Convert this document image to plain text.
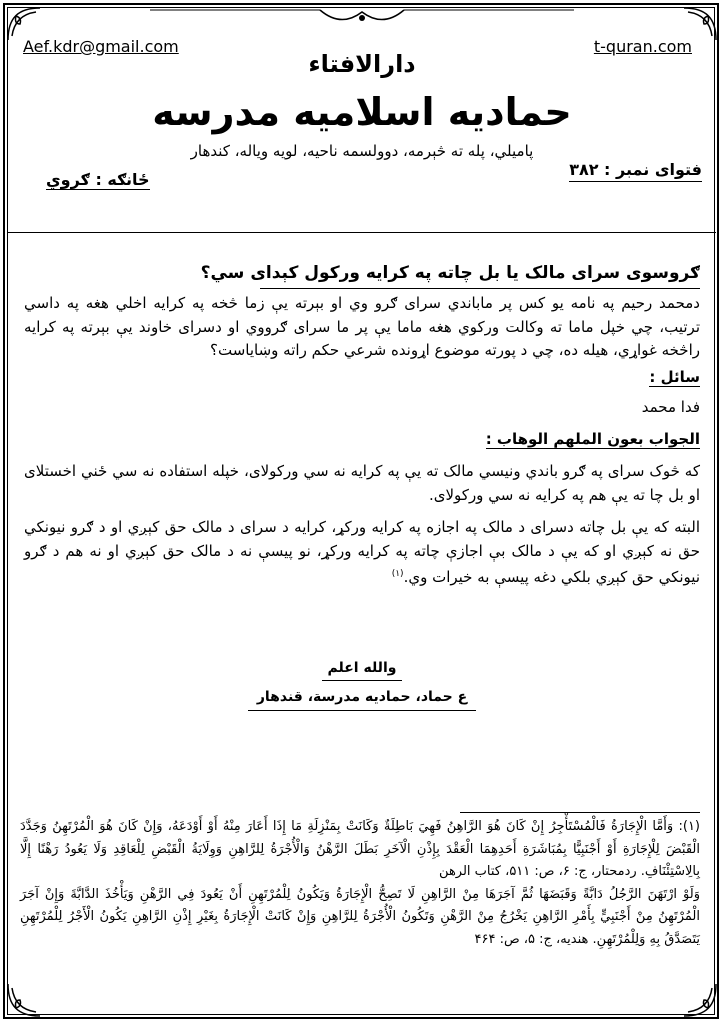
Aef.kdr@gmail.com	t-quran.com
دارالافتاء
حمادیه اسلامیه مدرسه
پامیلي، پله ته څېرمه، دوولسمه ناحیه، لویه ویاله، کندهار
فتوای نمبر : ۳۸۲
ځانګه : ګروي
ګروسوی سرای مالک یا بل چاته په کرایه ورکول کېدای سي؟
دمحمد رحیم په نامه یو کس پر ماباندي سرای ګرو وي او بېرته یې زما څخه په کرایه اخلي هغه په داسي ترتیب، چي خپل ماما ته وکالت ورکوي هغه ماما یې پر ما سرای ګرووي او دسرای خاوند یې بېرته په کرایه راڅخه غواړي، هیله ده، چي د پورته موضوع اړونده شرعي حکم راته وښایاست؟
سائل :
فدا محمد
الجواب بعون الملهم الوهاب :
که څوک سرای په ګرو باندي ونیسي مالک ته یې په کرایه نه سي ورکولای، خپله استفاده نه سي ځني اخستلای او بل چا ته یې هم په کرایه نه سي ورکولای.
البته که یې بل چاته دسرای د مالک په اجازه په کرایه ورکړ، کرایه د سرای د مالک حق کېږي او د ګرو نیونکي حق نه کېږي او که یې د مالک بې اجازې چاته په کرایه ورکړ، نو پیسې نه د مالک حق کېږي او نه هم د ګرو نیونکي حق کېږي بلکي دغه پیسې به خیرات وي.$^{(۱)}$
والله اعلم
ع حماد، حمادیه مدرسة، قندهار
(۱): وَأَمَّا الْإِجَارَةُ فَالْمُسْتَأْجِرُ إِنْ كَانَ هُوَ الرَّاهِنُ فَهِيَ بَاطِلَةٌ وَكَانَتْ بِمَنْزِلَةِ مَا إِذَا أَعَارَ مِنْهُ أَوْ أَوْدَعَهُ، وَإِنْ كَانَ هُوَ الْمُرْتَهِنُ وَجَدَّدَ الْقَبْضَ لِلْإِجَارَةِ أَوْ أَجْنَبِيًّا بِمُبَاشَرَةِ أَحَدِهِمَا الْعَقْدَ بِإِذْنِ الْآخَرِ بَطَلَ الرَّهْنُ وَالْأُجْرَةُ لِلرَّاهِنِ وَوِلَايَةُ الْقَبْضِ لِلْعَاقِدِ وَلَا يَعُودُ رَهْنًا إِلَّا بِالِاسْتِئْنَافِ. ردمحتار، ج: ۶، ص: ۵۱۱، کتاب الرهن
وَلَوْ ارْتَهَنَ الرَّجُلُ دَابَّةً وَقَبَضَهَا ثُمَّ آجَرَهَا مِنْ الرَّاهِنِ لَا تَصِحُّ الْإِجَارَةُ وَيَكُونُ لِلْمُرْتَهِنِ أَنْ يَعُودَ فِي الرَّهْنِ وَيَأْخُذَ الدَّابَّةَ وَإِنْ آجَرَ الْمُرْتَهِنُ مِنْ أَجْنَبِيٍّ بِأَمْرِ الرَّاهِنِ يَخْرُجُ مِنْ الرَّهْنِ وَتَكُونُ الْأُجْرَةُ لِلرَّاهِنِ وَإِنْ كَانَتْ الْإِجَارَةُ بِغَيْرِ إِذْنِ الرَّاهِنِ يَكُونُ الْأَجْرُ لِلْمُرْتَهِنِ يَتَصَدَّقُ بِهِ وَلِلْمُرْتَهِنِ. هندیه، ج: ۵، ص: ۴۶۴
